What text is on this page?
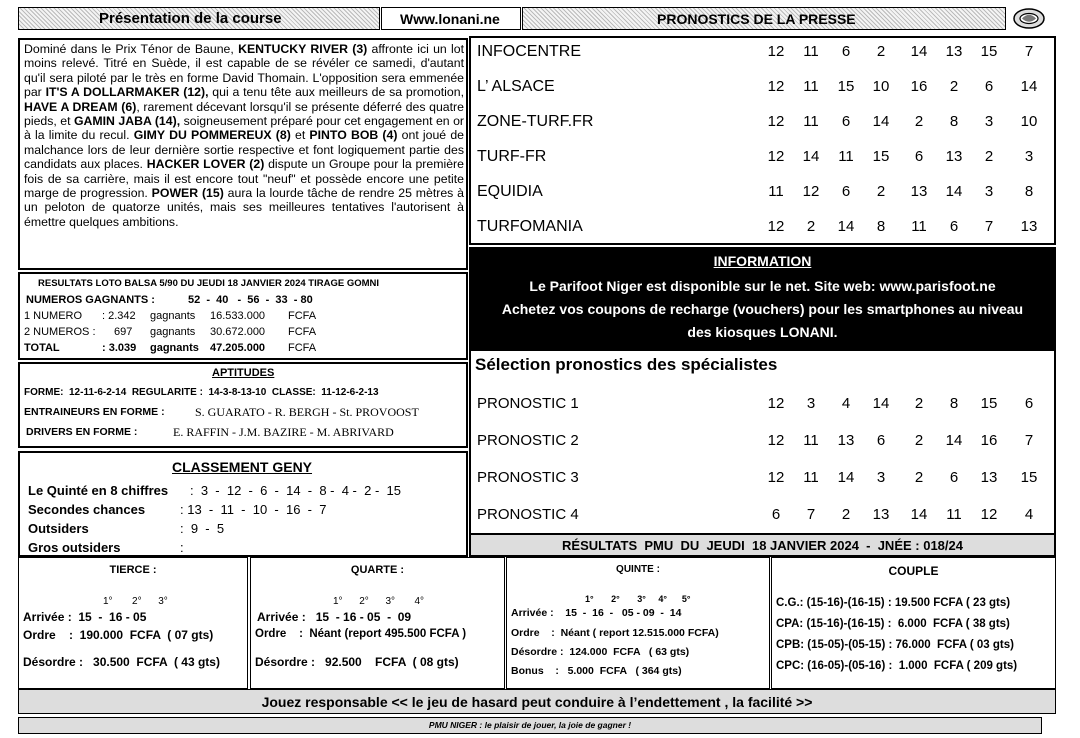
Présentation de la course	Www.lonani.ne	PRONOSTICS DE LA PRESSE
Dominé dans le Prix Ténor de Baune, KENTUCKY RIVER (3) affronte ici un lot moins relevé. Titré en Suède, il est capable de se révéler ce samedi, d'autant qu'il sera piloté par le très en forme David Thomain. L'opposition sera emmenée par IT'S A DOLLARMAKER (12), qui a tenu tête aux meilleurs de sa promotion, HAVE A DREAM (6), rarement décevant lorsqu'il se présente déferré des quatre pieds, et GAMIN JABA (14), soigneusement préparé pour cet engagement en or à la limite du recul. GIMY DU POMMEREUX (8) et PINTO BOB (4) ont joué de malchance lors de leur dernière sortie respective et font logiquement partie des candidats aux places. HACKER LOVER (2) dispute un Groupe pour la première fois de sa carrière, mais il est encore tout "neuf" et possède encore une petite marge de progression. POWER (15) aura la lourde tâche de rendre 25 mètres à un peloton de quatorze unités, mais ses meilleures tentatives l'autorisent à émettre quelques ambitions.
INFOCENTRE	12	11	6	2	14	13	15	7
L’ ALSACE	12	11	15	10	16	2	6	14
ZONE-TURF.FR	12	11	6	14	2	8	3	10
TURF-FR	12	14	11	15	6	13	2	3
EQUIDIA	11	12	6	2	13	14	3	8
TURFOMANIA	12	2	14	8	11	6	7	13
RESULTATS LOTO BALSA 5/90 DU JEUDI 18 JANVIER 2024 TIRAGE GOMNI
NUMEROS GAGNANTS :	52  -  40   -  56  -  33  - 80
1 NUMERO : 2.342 gagnants 16.533.000 FCFA
2 NUMEROS : 697 gagnants 30.672.000 FCFA
TOTAL	: 3.039 gagnants 47.205.000 FCFA
APTITUDES
FORME:  12-11-6-2-14  REGULARITE :  14-3-8-13-10  CLASSE:  11-12-6-2-13
ENTRAINEURS EN FORME : S. GUARATO - R. BERGH - St. PROVOOST
DRIVERS EN FORME :	E. RAFFIN - J.M. BAZIRE - M. ABRIVARD
CLASSEMENT GENY
Le Quinté en 8 chiffres :  3  -  12  -  6  -  14  -  8 -  4 -  2 -  15
Secondes chances	: 13  -  11  -  10  -  16  -  7
Outsiders	:  9  -  5
Gros outsiders	:
INFORMATION
Le Parifoot Niger est disponible sur le net. Site web: www.parisfoot.ne
Achetez vos coupons de recharge (vouchers) pour les smartphones au niveau
des kiosques LONANI.
Sélection pronostics des spécialistes
PRONOSTIC 1	12	3	4	14	2	8	15	6
PRONOSTIC 2	12	11	13	6	2	14	16	7
PRONOSTIC 3	12	11	14	3	2	6	13	15
PRONOSTIC 4	6	7	2	13	14	11	12	4
RÉSULTATS  PMU  DU  JEUDI  18 JANVIER 2024  -  JNÉE : 018/24
TIERCE :
1°       2°      3°
Arrivée :  15  -  16 - 05
Ordre    :  190.000  FCFA  ( 07 gts)
Désordre :   30.500  FCFA  ( 43 gts)
QUARTE :
1°      2°      3°       4°
Arrivée :   15  - 16 - 05  -  09
Ordre    :  Néant (report 495.500 FCFA )
Désordre :   92.500    FCFA  ( 08 gts)
QUINTE :
1°       2°       3°     4°      5°
Arrivée :    15  -  16  -   05 - 09  -  14
Ordre    :  Néant ( report 12.515.000 FCFA)
Désordre :  124.000  FCFA   ( 63 gts)
Bonus    :   5.000  FCFA   ( 364 gts)
COUPLE
C.G.: (15-16)-(16-15) : 19.500 FCFA ( 23 gts)
CPA: (15-16)-(16-15) :  6.000  FCFA ( 38 gts)
CPB: (15-05)-(05-15) : 76.000  FCFA ( 03 gts)
CPC: (16-05)-(05-16) :  1.000  FCFA ( 209 gts)
Jouez responsable << le jeu de hasard peut conduire à l’endettement , la facilité >>
PMU NIGER : le plaisir de jouer, la joie de gagner !
